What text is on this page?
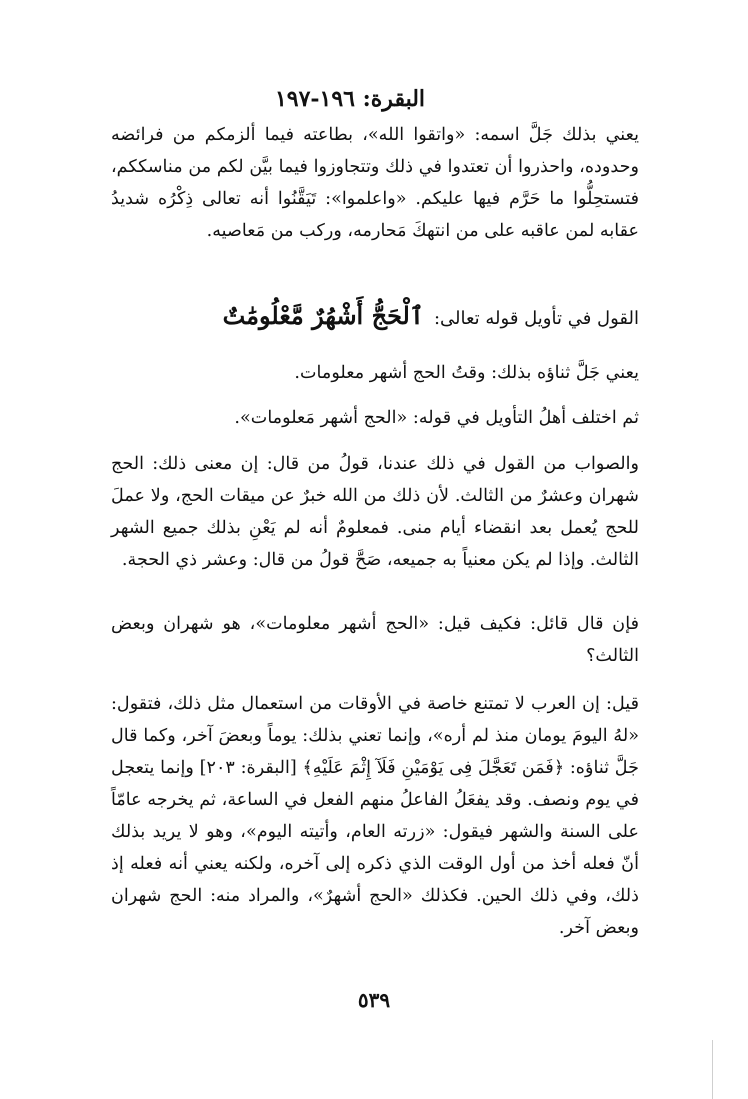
البقرة: ١٩٦-١٩٧

يعني بذلك جَلَّ اسمه: «واتقوا الله»، بطاعته فيما ألزمكم من فرائضه وحدوده، واحذروا أن تعتدوا في ذلك وتتجاوزوا فيما بيَّن لكم من مناسككم، فتستحِلُّوا ما حَرَّم فيها عليكم. «واعلموا»: تَيَقَّنُوا أنه تعالى ذِكْرُه شديدُ عقابه لمن عاقبه على من انتهكَ مَحارمه، وركب من مَعاصيه.

القول في تأويل قوله تعالى:ٱلْحَجُّ أَشْهُرٌ مَّعْلُومَٰتٌ

يعني جَلَّ ثناؤه بذلك: وقتُ الحج أشهر معلومات.

ثم اختلف أهلُ التأويل في قوله: «الحج أشهر مَعلومات».

والصواب من القول في ذلك عندنا، قولُ من قال: إن معنى ذلك: الحج شهران وعشرٌ من الثالث. لأن ذلك من الله خبرٌ عن ميقات الحج، ولا عملَ للحج يُعمل بعد انقضاء أيام منى. فمعلومٌ أنه لم يَعْنِ بذلك جميع الشهر الثالث. وإذا لم يكن معنياً به جميعه، صَحَّ قولُ من قال: وعشر ذي الحجة.

فإن قال قائل: فكيف قيل: «الحج أشهر معلومات»، هو شهران وبعض الثالث؟

قيل: إن العرب لا تمتنع خاصة في الأوقات من استعمال مثل ذلك، فتقول: «لهُ اليومَ يومان منذ لم أره»، وإنما تعني بذلك: يوماً وبعضَ آخر، وكما قال جَلَّ ثناؤه: ﴿فَمَن تَعَجَّلَ فِى يَوْمَيْنِ فَلَآ إِثْمَ عَلَيْهِ﴾ [البقرة: ٢٠٣] وإنما يتعجل في يوم ونصف. وقد يفعَلُ الفاعلُ منهم الفعل في الساعة، ثم يخرجه عامّاً على السنة والشهر فيقول: «زرته العام، وأتيته اليوم»، وهو لا يريد بذلك أنّ فعله أخذ من أول الوقت الذي ذكره إلى آخره، ولكنه يعني أنه فعله إذ ذلك، وفي ذلك الحين. فكذلك «الحج أشهرٌ»، والمراد منه: الحج شهران وبعض آخر.

٥٣٩
